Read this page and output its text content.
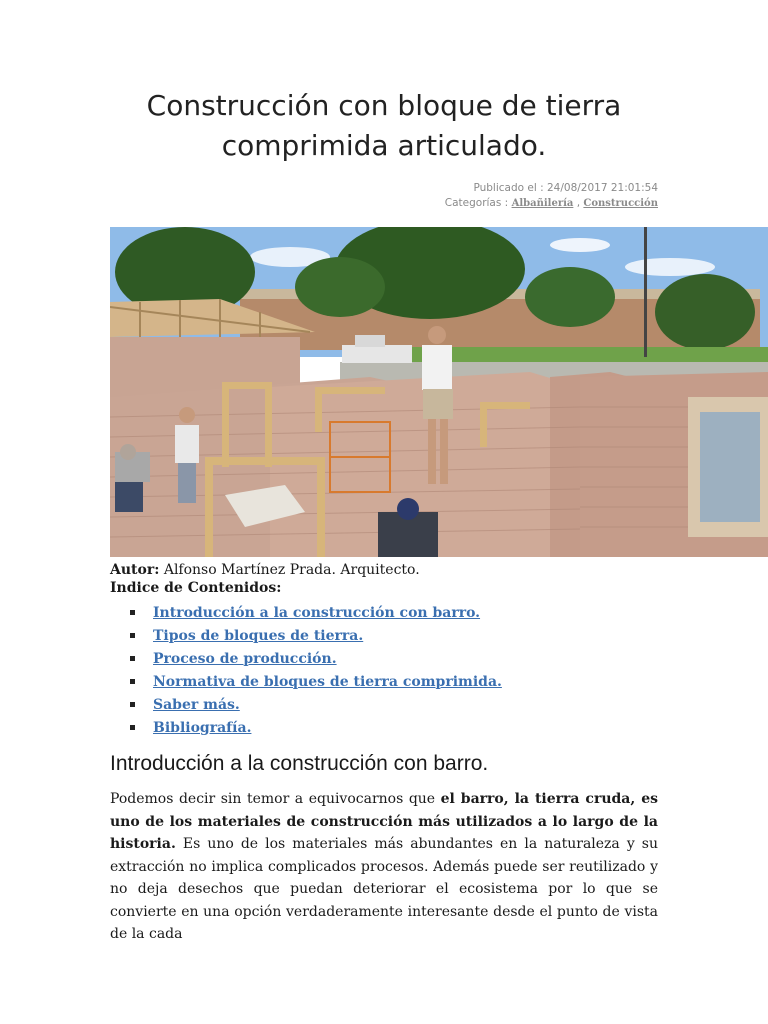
Construcción con bloque de tierra comprimida articulado.
Publicado el : 24/08/2017 21:01:54
Categorías : Albañilería , Construcción
Autor: Alfonso Martínez Prada. Arquitecto.
Indice de Contenidos:
Introducción a la construcción con barro.
Tipos de bloques de tierra.
Proceso de producción.
Normativa de bloques de tierra comprimida.
Saber más.
Bibliografía.
Introducción a la construcción con barro.

Podemos decir sin temor a equivocarnos que el barro, la tierra cruda, es uno de los materiales de construcción más utilizados a lo largo de la historia. Es uno de los materiales más abundantes en la naturaleza y su extracción no implica complicados procesos. Además puede ser reutilizado y no deja desechos que puedan deteriorar el ecosistema por lo que se convierte en una opción verdaderamente interesante desde el punto de vista de la cada
